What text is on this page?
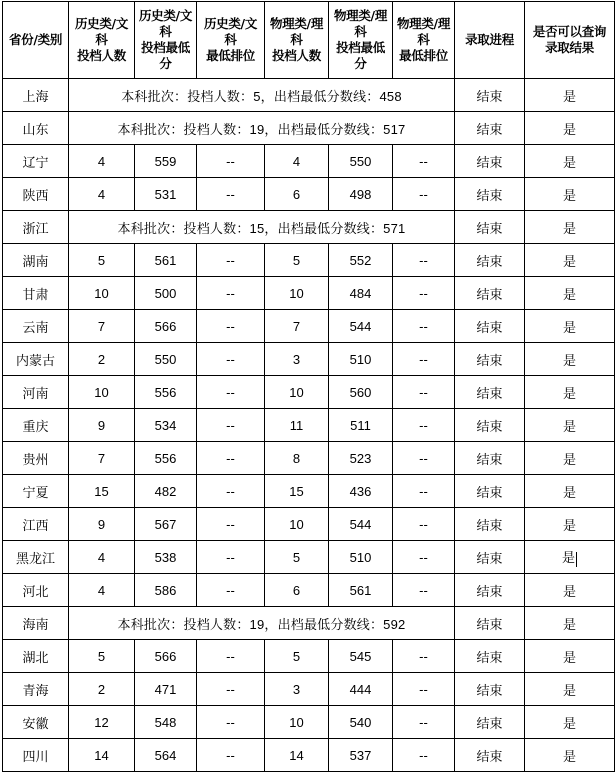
省份/类别	历史类/文
科
投档人数	历史类/文
科
投档最低
分	历史类/文
科
最低排位	物理类/理
科
投档人数	物理类/理
科
投档最低
分	物理类/理
科
最低排位	录取进程	是否可以查询
录取结果

上海	本科批次：投档人数：5，出档最低分数线：458						结束	是
山东	本科批次：投档人数：19，出档最低分数线：517						结束	是
辽宁	4	559	--	4	550	--	结束	是
陕西	4	531	--	6	498	--	结束	是
浙江	本科批次：投档人数：15，出档最低分数线：571						结束	是
湖南	5	561	--	5	552	--	结束	是
甘肃	10	500	--	10	484	--	结束	是
云南	7	566	--	7	544	--	结束	是
内蒙古	2	550	--	3	510	--	结束	是
河南	10	556	--	10	560	--	结束	是
重庆	9	534	--	11	511	--	结束	是
贵州	7	556	--	8	523	--	结束	是
宁夏	15	482	--	15	436	--	结束	是
江西	9	567	--	10	544	--	结束	是
黑龙江	4	538	--	5	510	--	结束	是
河北	4	586	--	6	561	--	结束	是
海南	本科批次：投档人数：19，出档最低分数线：592						结束	是
湖北	5	566	--	5	545	--	结束	是
青海	2	471	--	3	444	--	结束	是
安徽	12	548	--	10	540	--	结束	是
四川	14	564	--	14	537	--	结束	是
